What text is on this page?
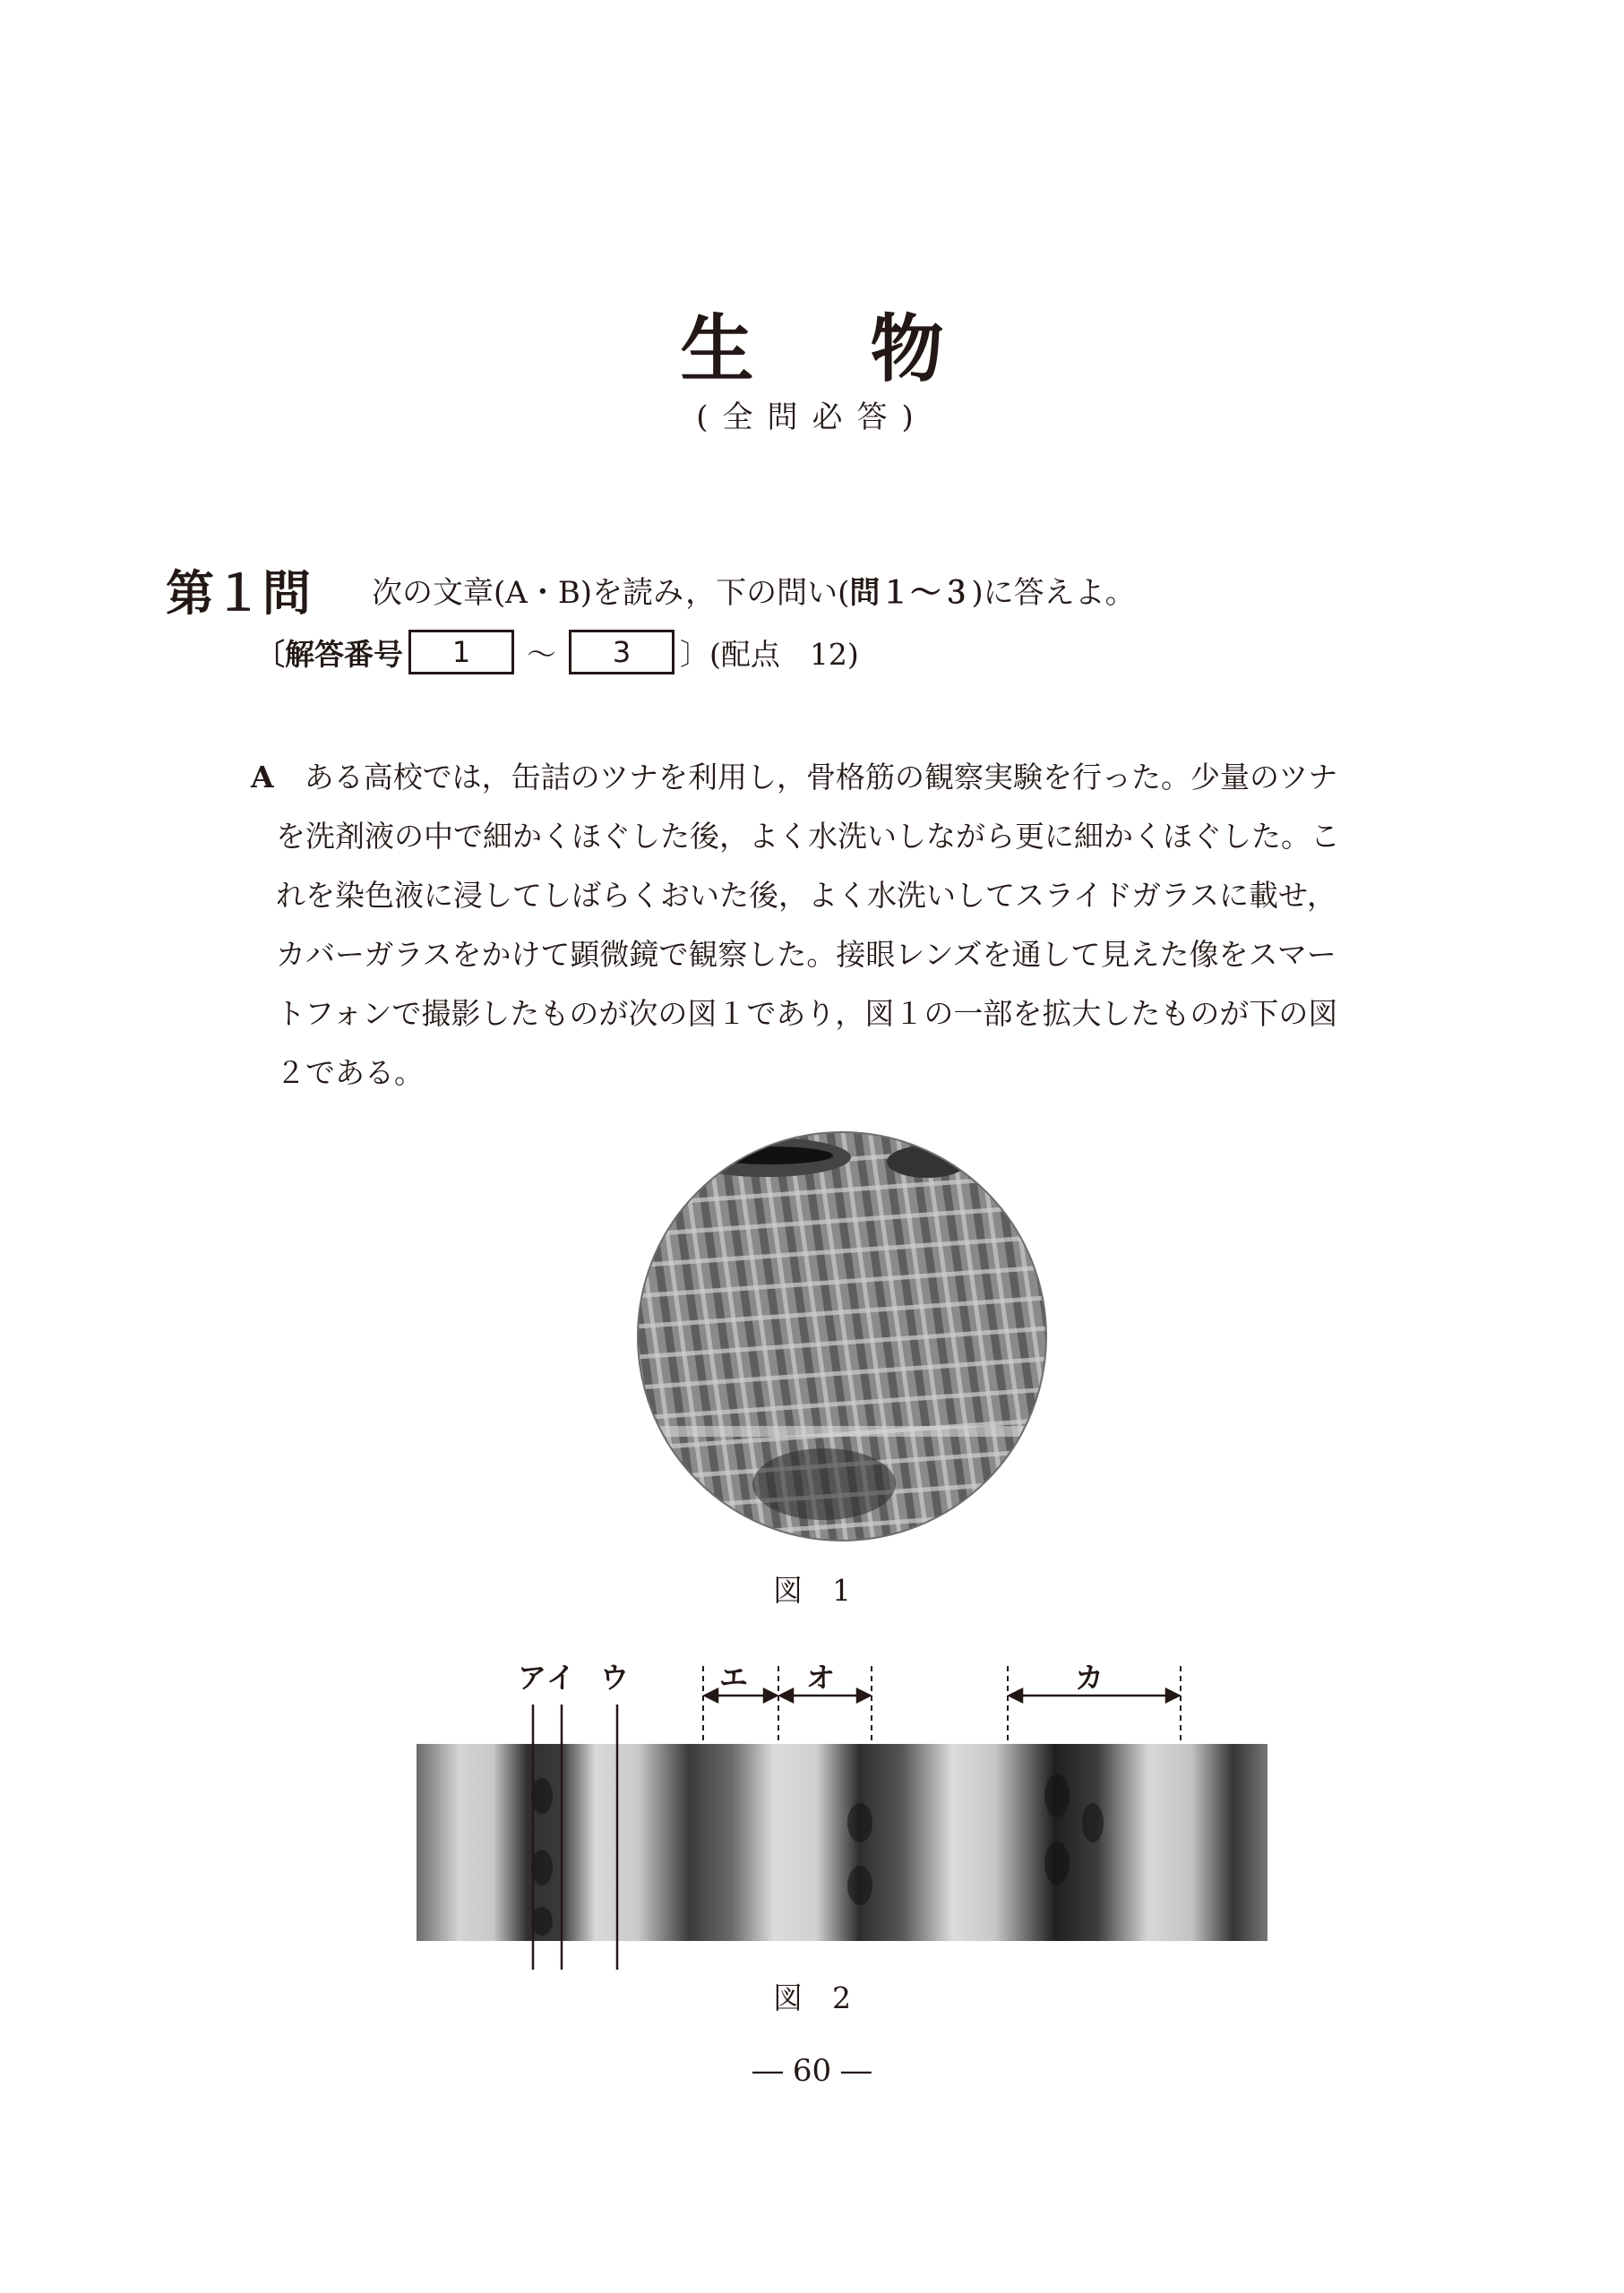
生 物
(全問必答)
第１問 次の文章(A・B)を読み，下の問い(問１～３)に答えよ。
〔解答番号	1	～	3	〕(配点　12)
A ある高校では，缶詰のツナを利用し，骨格筋の観察実験を行った。少量のツナ
を洗剤液の中で細かくほぐした後，よく水洗いしながら更に細かくほぐした。こ
れを染色液に浸してしばらくおいた後，よく水洗いしてスライドガラスに載せ，
カバーガラスをかけて顕微鏡で観察した。接眼レンズを通して見えた像をスマー
トフォンで撮影したものが次の図１であり，図１の一部を拡大したものが下の図
２である。
図　1
ア イ ウ	エ オ	カ
図　2
― 60 ―
